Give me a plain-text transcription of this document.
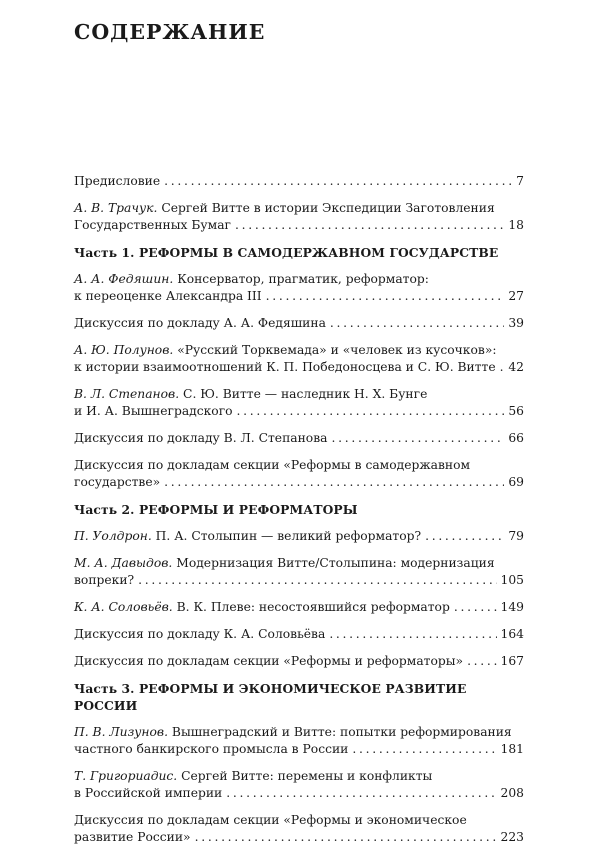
СОДЕРЖАНИЕ
Предисловие . . .	7
А. В. Трачук. Сергей Витте в истории Экспедиции Заготовления
Государственных Бумаг . . .	18
Часть 1. РЕФОРМЫ В САМОДЕРЖАВНОМ ГОСУДАРСТВЕ
А. А. Федяшин. Консерватор, прагматик, реформатор:
к переоценке Александра III . . .	27
Дискуссия по докладу А. А. Федяшина . . .	39
А. Ю. Полунов. «Русский Торквемада» и «человек из кусочков»:
к истории взаимоотношений К. П. Победоносцева и С. Ю. Витте . . . 42
В. Л. Степанов. С. Ю. Витте — наследник Н. Х. Бунге
и И. А. Вышнеградского . . .	56
Дискуссия по докладу В. Л. Степанова . . .	66
Дискуссия по докладам секции «Реформы в самодержавном
государстве» . . .	69
Часть 2. РЕФОРМЫ И РЕФОРМАТОРЫ
П. Уолдрон. П. А. Столыпин — великий реформатор? . . .	79
М. А. Давыдов. Модернизация Витте/Столыпина: модернизация
вопреки? . . .	105
К. А. Соловьёв. В. К. Плеве: несостоявшийся реформатор . . .	149
Дискуссия по докладу К. А. Соловьёва . . .	164
Дискуссия по докладам секции «Реформы и реформаторы» . . .	167
Часть 3. РЕФОРМЫ И ЭКОНОМИЧЕСКОЕ РАЗВИТИЕ РОССИИ
П. В. Лизунов. Вышнеградский и Витте: попытки реформирования
частного банкирского промысла в России . . .	181
Т. Григориадис. Сергей Витте: перемены и конфликты
в Российской империи . . .	208
Дискуссия по докладам секции «Реформы и экономическое
развитие России» . . .	223
